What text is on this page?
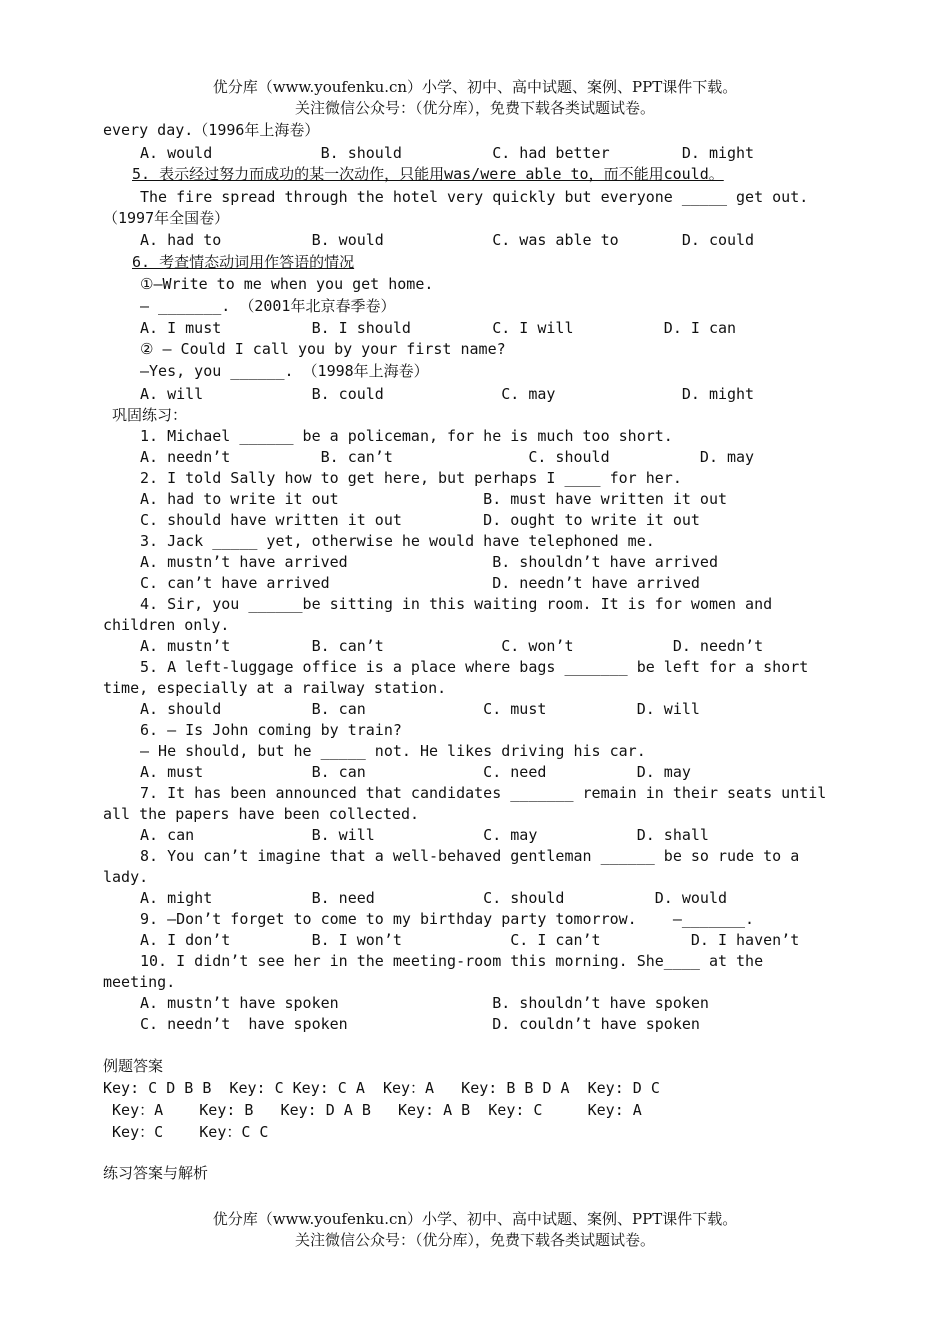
优分库（www.youfenku.cn）小学、初中、高中试题、案例、PPT课件下载。
关注微信公众号：（优分库），免费下载各类试题试卷。
every day.（1996年上海卷）
A. would            B. should          C. had better        D. might
5. 表示经过努力而成功的某一次动作，只能用was/were able to，而不能用could。
The fire spread through the hotel very quickly but everyone _____ get out.
（1997年全国卷）
A. had to          B. would            C. was able to       D. could
6. 考查情态动词用作答语的情况
①—Write to me when you get home.
— _______. （2001年北京春季卷）
A. I must          B. I should         C. I will          D. I can
② — Could I call you by your first name?
—Yes, you ______. （1998年上海卷）
A. will            B. could             C. may              D. might
巩固练习：
1. Michael ______ be a policeman, for he is much too short.
A. needn’t          B. can’t               C. should          D. may
2. I told Sally how to get here, but perhaps I ____ for her.
A. had to write it out                B. must have written it out
C. should have written it out         D. ought to write it out
3. Jack _____ yet, otherwise he would have telephoned me.
A. mustn’t have arrived                B. shouldn’t have arrived
C. can’t have arrived                  D. needn’t have arrived
4. Sir, you ______be sitting in this waiting room. It is for women and
children only.
A. mustn’t         B. can’t             C. won’t           D. needn’t
5. A left-luggage office is a place where bags _______ be left for a short
time, especially at a railway station.
A. should          B. can             C. must          D. will
6. — Is John coming by train?
— He should, but he _____ not. He likes driving his car.
A. must            B. can             C. need          D. may
7. It has been announced that candidates _______ remain in their seats until
all the papers have been collected.
A. can             B. will            C. may           D. shall
8. You can’t imagine that a well-behaved gentleman ______ be so rude to a
lady.
A. might           B. need            C. should          D. would
9. —Don’t forget to come to my birthday party tomorrow.    —_______.
A. I don’t         B. I won’t            C. I can’t          D. I haven’t
10. I didn’t see her in the meeting-room this morning. She____ at the
meeting.
A. mustn’t have spoken                 B. shouldn’t have spoken
C. needn’t  have spoken                D. couldn’t have spoken
例题答案
Key: C D B B  Key: C Key: C A  Key：A   Key: B B D A  Key: D C
Key：A    Key: B   Key: D A B   Key: A B  Key: C     Key: A
Key：C    Key：C C
练习答案与解析
优分库（www.youfenku.cn）小学、初中、高中试题、案例、PPT课件下载。
关注微信公众号：（优分库），免费下载各类试题试卷。
